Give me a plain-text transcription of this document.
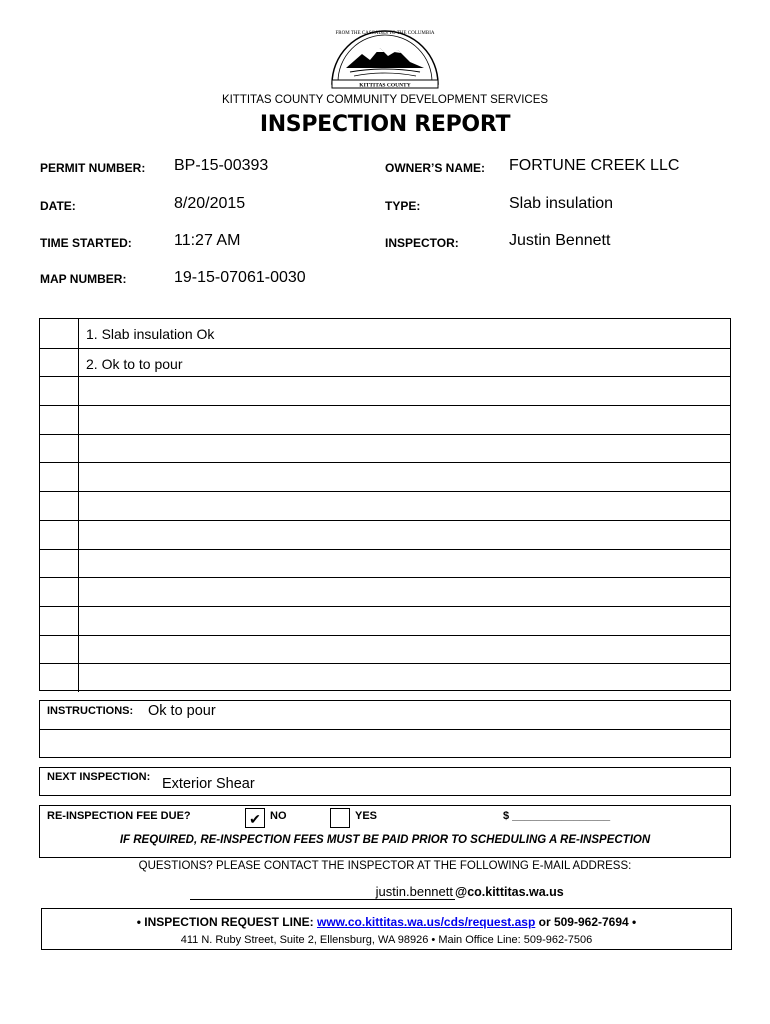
KITTITAS COUNTY
FROM THE CASCADES TO THE COLUMBIA
KITTITAS COUNTY COMMUNITY DEVELOPMENT SERVICES
INSPECTION REPORT
PERMIT NUMBER: BP-15-00393	OWNER’S NAME: FORTUNE CREEK LLC
DATE:	8/20/2015	TYPE:	Slab insulation
TIME STARTED:	11:27 AM	INSPECTOR:	Justin Bennett
MAP NUMBER:	19-15-07061-0030
1. Slab insulation Ok
2. Ok to to pour
INSTRUCTIONS: Ok to pour
NEXT INSPECTION: Exterior Shear
RE-INSPECTION FEE DUE?	✔ NO	YES	$ ________________
IF REQUIRED, RE-INSPECTION FEES MUST BE PAID PRIOR TO SCHEDULING A RE-INSPECTION
QUESTIONS? PLEASE CONTACT THE INSPECTOR AT THE FOLLOWING E-MAIL ADDRESS:
justin.bennett @co.kittitas.wa.us
• INSPECTION REQUEST LINE: www.co.kittitas.wa.us/cds/request.asp or 509-962-7694 •
411 N. Ruby Street, Suite 2, Ellensburg, WA 98926 • Main Office Line: 509-962-7506
